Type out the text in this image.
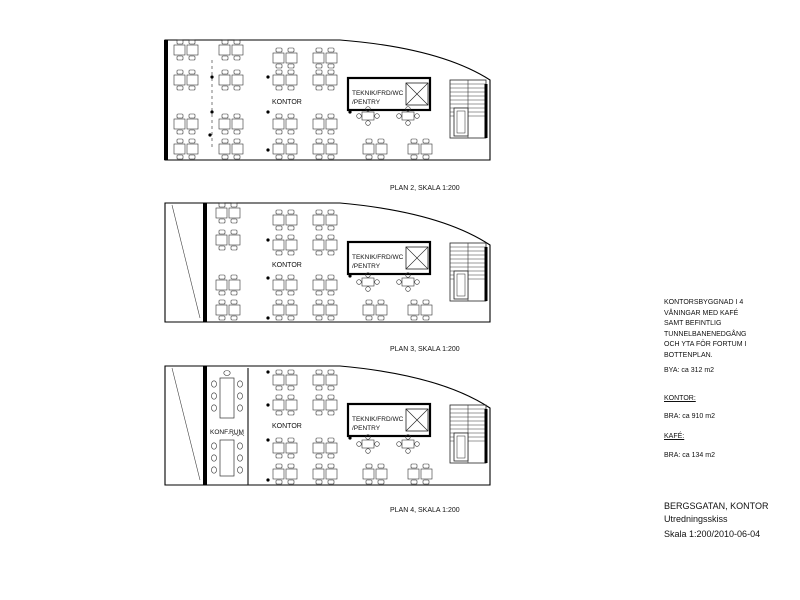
KONTOR
TEKNIK/FRD/WC
/PENTRY
PLAN 2, SKALA 1:200
KONTOR
TEKNIK/FRD/WC
/PENTRY
PLAN 3, SKALA 1:200
KONTOR
KONF.RUM
TEKNIK/FRD/WC
/PENTRY
PLAN 4, SKALA 1:200

KONTORSBYGGNAD I 4

VÅNINGAR MED KAFÉ

SAMT BEFINTLIG

TUNNELBANENEDGÅNG

OCH YTA FÖR FORTUM I

BOTTENPLAN.

BYA: ca 312 m2
KONTOR:
BRA: ca 910 m2
KAFÉ:
BRA: ca 134 m2
BERGSGATAN, KONTOR
Utredningsskiss
Skala 1:200/2010-06-04
